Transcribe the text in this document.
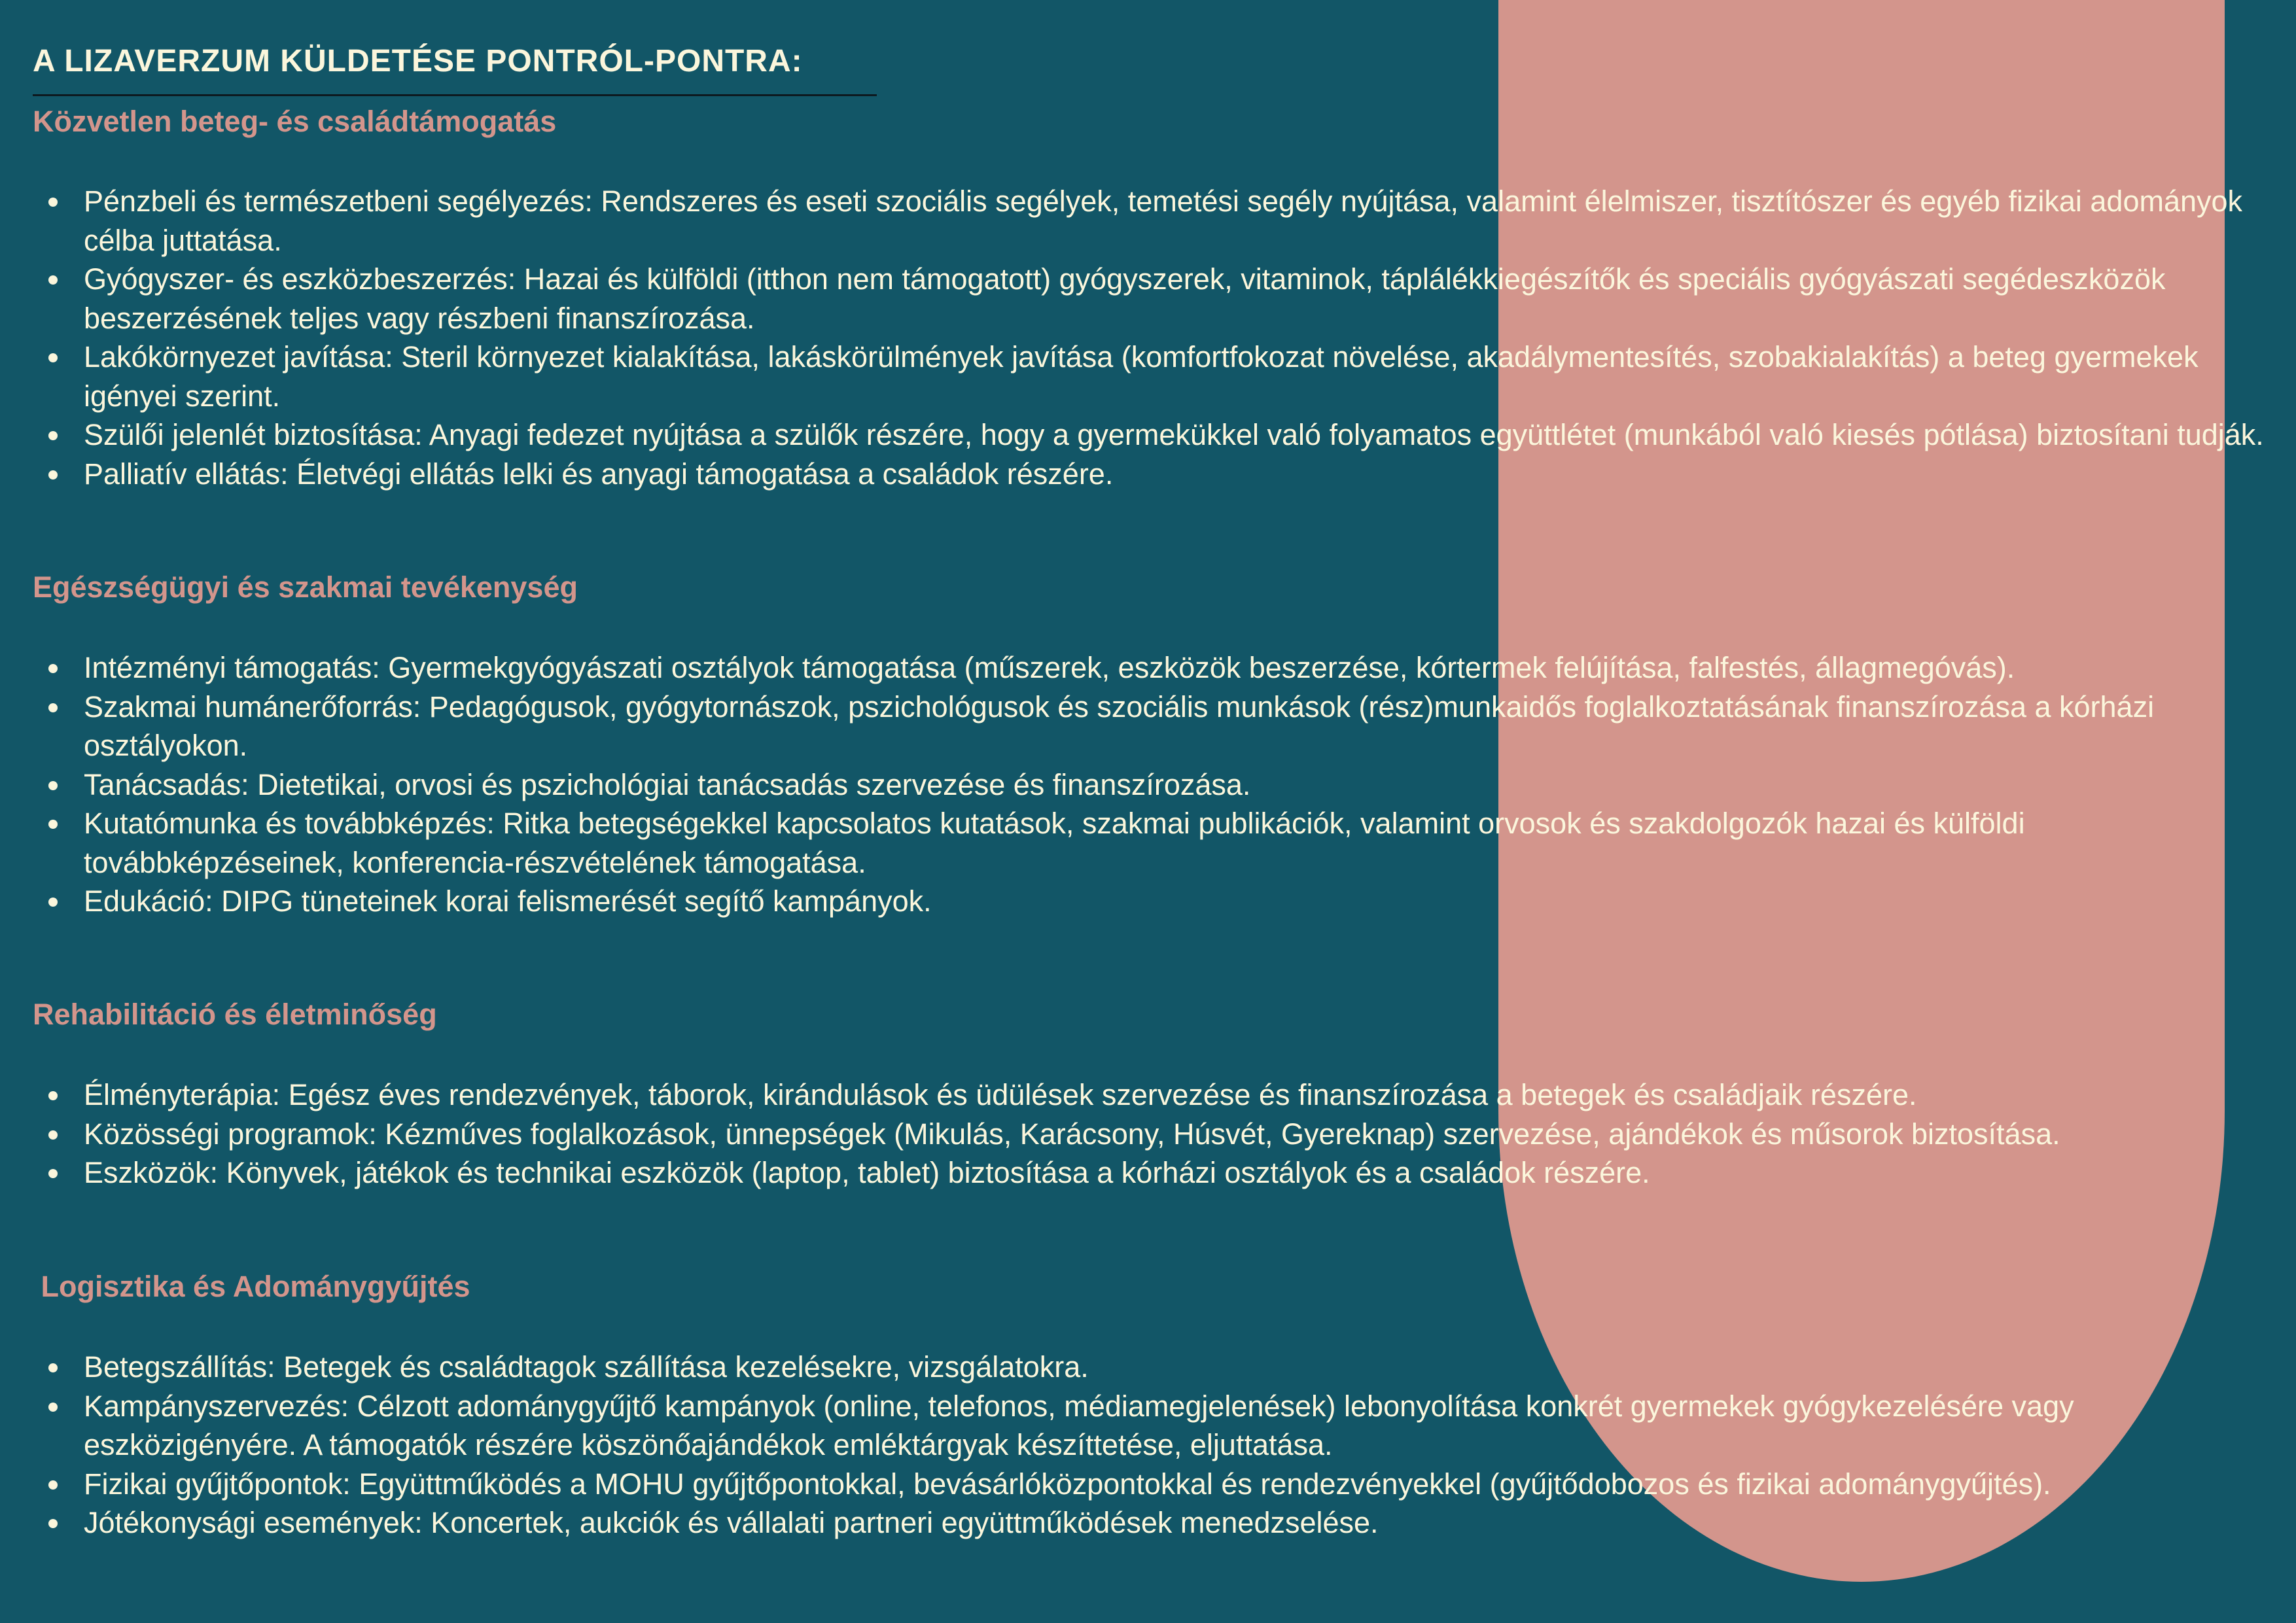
A LIZAVERZUM KÜLDETÉSE PONTRÓL-PONTRA:
Közvetlen beteg- és családtámogatás
Pénzbeli és természetbeni segélyezés: Rendszeres és eseti szociális segélyek, temetési segély nyújtása, valamint élelmiszer, tisztítószer és egyéb fizikai adományok célba juttatása.
Gyógyszer- és eszközbeszerzés: Hazai és külföldi (itthon nem támogatott) gyógyszerek, vitaminok, táplálékkiegészítők és speciális gyógyászati segédeszközök beszerzésének teljes vagy részbeni finanszírozása.
Lakókörnyezet javítása: Steril környezet kialakítása, lakáskörülmények javítása (komfortfokozat növelése, akadálymentesítés, szobakialakítás) a beteg gyermekek igényei szerint.
Szülői jelenlét biztosítása: Anyagi fedezet nyújtása a szülők részére, hogy a gyermekükkel való folyamatos együttlétet (munkából való kiesés pótlása) biztosítani tudják.
Palliatív ellátás: Életvégi ellátás lelki és anyagi támogatása a családok részére.
Egészségügyi és szakmai tevékenység
Intézményi támogatás: Gyermekgyógyászati osztályok támogatása (műszerek, eszközök beszerzése, kórtermek felújítása, falfestés, állagmegóvás).
Szakmai humánerőforrás: Pedagógusok, gyógytornászok, pszichológusok és szociális munkások (rész)munkaidős foglalkoztatásának finanszírozása a kórházi osztályokon.
Tanácsadás: Dietetikai, orvosi és pszichológiai tanácsadás szervezése és finanszírozása.
Kutatómunka és továbbképzés: Ritka betegségekkel kapcsolatos kutatások, szakmai publikációk, valamint orvosok és szakdolgozók hazai és külföldi továbbképzéseinek, konferencia-részvételének támogatása.
Edukáció: DIPG tüneteinek korai felismerését segítő kampányok.
Rehabilitáció és életminőség
Élményterápia: Egész éves rendezvények, táborok, kirándulások és üdülések szervezése és finanszírozása a betegek és családjaik részére.
Közösségi programok: Kézműves foglalkozások, ünnepségek (Mikulás, Karácsony, Húsvét, Gyereknap) szervezése, ajándékok és műsorok biztosítása.
Eszközök: Könyvek, játékok és technikai eszközök (laptop, tablet) biztosítása a kórházi osztályok és a családok részére.
Logisztika és Adománygyűjtés
Betegszállítás: Betegek és családtagok szállítása kezelésekre, vizsgálatokra.
Kampányszervezés: Célzott adománygyűjtő kampányok (online, telefonos, médiamegjelenések) lebonyolítása konkrét gyermekek gyógykezelésére vagy eszközigényére. A támogatók részére köszönőajándékok emléktárgyak készíttetése, eljuttatása.
Fizikai gyűjtőpontok: Együttműködés a MOHU gyűjtőpontokkal, bevásárlóközpontokkal és rendezvényekkel (gyűjtődobozos és fizikai adománygyűjtés).
Jótékonysági események: Koncertek, aukciók és vállalati partneri együttműködések menedzselése.
